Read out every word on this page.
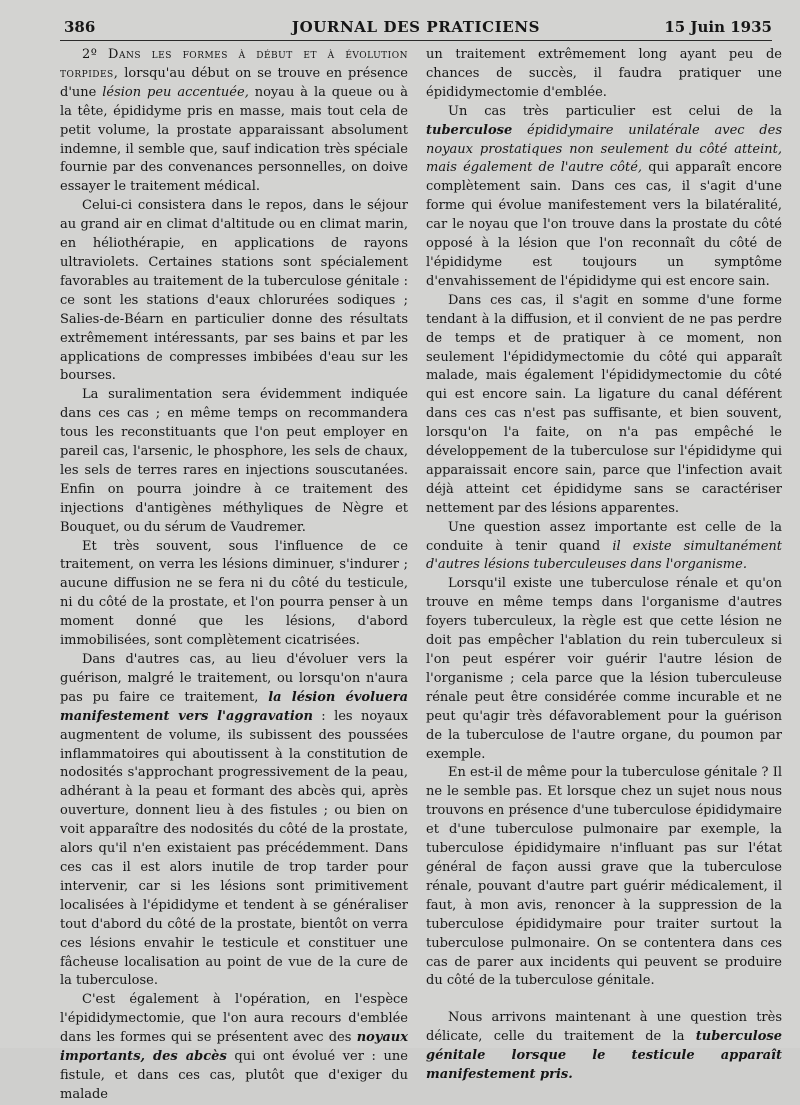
386	JOURNAL DES PRATICIENS	15 Juin 1935

2º Dans les formes à début et à évolution torpides, lorsqu'au début on se trouve en présence d'une lésion peu accentuée, noyau à la queue ou à la tête, épididyme pris en masse, mais tout cela de petit volume, la prostate apparaissant absolument indemne, il semble que, sauf indication très spéciale fournie par des convenances personnelles, on doive essayer le traitement médical.

Celui-ci consistera dans le repos, dans le séjour au grand air en climat d'altitude ou en climat marin, en héliothérapie, en applications de rayons ultraviolets. Certaines stations sont spécialement favorables au traitement de la tuberculose génitale : ce sont les stations d'eaux chlorurées sodiques ; Salies-de-Béarn en particulier donne des résultats extrêmement intéressants, par ses bains et par les applications de compresses imbibées d'eau sur les bourses.

La suralimentation sera évidemment indiquée dans ces cas ; en même temps on recommandera tous les reconstituants que l'on peut employer en pareil cas, l'arsenic, le phosphore, les sels de chaux, les sels de terres rares en injections souscutanées. Enfin on pourra joindre à ce traitement des injections d'antigènes méthyliques de Nègre et Bouquet, ou du sérum de Vaudremer.

Et très souvent, sous l'influence de ce traitement, on verra les lésions diminuer, s'indurer ; aucune diffusion ne se fera ni du côté du testicule, ni du côté de la prostate, et l'on pourra penser à un moment donné que les lésions, d'abord immobilisées, sont complètement cicatrisées.

Dans d'autres cas, au lieu d'évoluer vers la guérison, malgré le traitement, ou lorsqu'on n'aura pas pu faire ce traitement, la lésion évoluera manifestement vers l'aggravation : les noyaux augmentent de volume, ils subissent des poussées inflammatoires qui aboutissent à la constitution de nodosités s'approchant progressivement de la peau, adhérant à la peau et formant des abcès qui, après ouverture, donnent lieu à des fistules ; ou bien on voit apparaître des nodosités du côté de la prostate, alors qu'il n'en existaient pas précédemment. Dans ces cas il est alors inutile de trop tarder pour intervenir, car si les lésions sont primitivement localisées à l'épididyme et tendent à se généraliser tout d'abord du côté de la prostate, bientôt on verra ces lésions envahir le testicule et constituer une fâcheuse localisation au point de vue de la cure de la tuberculose.

C'est également à l'opération, en l'espèce l'épididymectomie, que l'on aura recours d'emblée dans les formes qui se présentent avec des noyaux importants, des abcès qui ont évolué ver : une fistule, et dans ces cas, plutôt que d'exiger du malade

un traitement extrêmement long ayant peu de chances de succès, il faudra pratiquer une épididymectomie d'emblée.

Un cas très particulier est celui de la tuberculose épididymaire unilatérale avec des noyaux prostatiques non seulement du côté atteint, mais également de l'autre côté, qui apparaît encore complètement sain. Dans ces cas, il s'agit d'une forme qui évolue manifestement vers la bilatéralité, car le noyau que l'on trouve dans la prostate du côté opposé à la lésion que l'on reconnaît du côté de l'épididyme est toujours un symptôme d'envahissement de l'épididyme qui est encore sain.

Dans ces cas, il s'agit en somme d'une forme tendant à la diffusion, et il convient de ne pas perdre de temps et de pratiquer à ce moment, non seulement l'épididymectomie du côté qui apparaît malade, mais également l'épididymectomie du côté qui est encore sain. La ligature du canal déférent dans ces cas n'est pas suffisante, et bien souvent, lorsqu'on l'a faite, on n'a pas empêché le développement de la tuberculose sur l'épididyme qui apparaissait encore sain, parce que l'infection avait déjà atteint cet épididyme sans se caractériser nettement par des lésions apparentes.

Une question assez importante est celle de la conduite à tenir quand il existe simultanément d'autres lésions tuberculeuses dans l'organisme.

Lorsqu'il existe une tuberculose rénale et qu'on trouve en même temps dans l'organisme d'autres foyers tuberculeux, la règle est que cette lésion ne doit pas empêcher l'ablation du rein tuberculeux si l'on peut espérer voir guérir l'autre lésion de l'organisme ; cela parce que la lésion tuberculeuse rénale peut être considérée comme incurable et ne peut qu'agir très défavorablement pour la guérison de la tuberculose de l'autre organe, du poumon par exemple.

En est-il de même pour la tuberculose génitale ? Il ne le semble pas. Et lorsque chez un sujet nous nous trouvons en présence d'une tuberculose épididymaire et d'une tuberculose pulmonaire par exemple, la tuberculose épididymaire n'influant pas sur l'état général de façon aussi grave que la tuberculose rénale, pouvant d'autre part guérir médicalement, il faut, à mon avis, renoncer à la suppression de la tuberculose épididymaire pour traiter surtout la tuberculose pulmonaire. On se contentera dans ces cas de parer aux incidents qui peuvent se produire du côté de la tuberculose génitale.

Nous arrivons maintenant à une question très délicate, celle du traitement de la tuberculose génitale lorsque le testicule apparaît manifestement pris.
